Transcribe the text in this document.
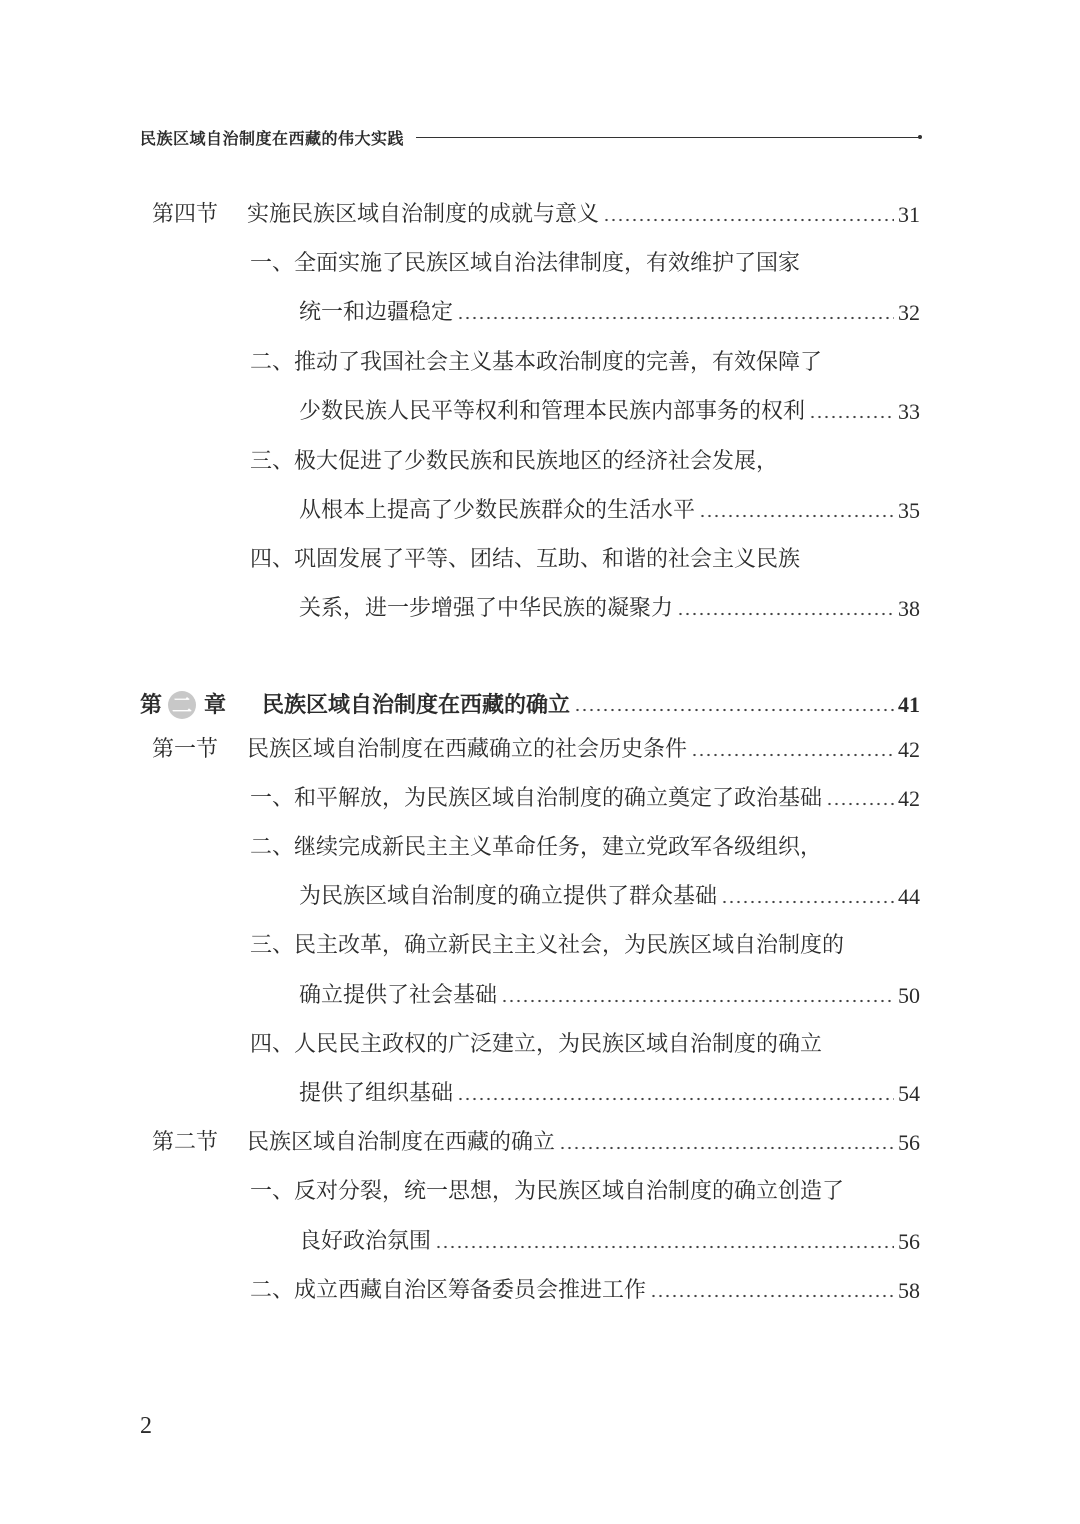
民族区域自治制度在西藏的伟大实践
第四节 实施民族区域自治制度的成就与意义	31
一、全面实施了民族区域自治法律制度，有效维护了国家
统一和边疆稳定	32
二、推动了我国社会主义基本政治制度的完善，有效保障了
少数民族人民平等权利和管理本民族内部事务的权利	33
三、极大促进了少数民族和民族地区的经济社会发展，
从根本上提高了少数民族群众的生活水平	35
四、巩固发展了平等、团结、互助、和谐的社会主义民族
关系，进一步增强了中华民族的凝聚力	38
第 二 章 民族区域自治制度在西藏的确立	41
第一节 民族区域自治制度在西藏确立的社会历史条件	42
一、和平解放，为民族区域自治制度的确立奠定了政治基础	42
二、继续完成新民主主义革命任务，建立党政军各级组织，
为民族区域自治制度的确立提供了群众基础	44
三、民主改革，确立新民主主义社会，为民族区域自治制度的
确立提供了社会基础	50
四、人民民主政权的广泛建立，为民族区域自治制度的确立
提供了组织基础	54
第二节 民族区域自治制度在西藏的确立	56
一、反对分裂，统一思想，为民族区域自治制度的确立创造了
良好政治氛围	56
二、成立西藏自治区筹备委员会推进工作	58
2
